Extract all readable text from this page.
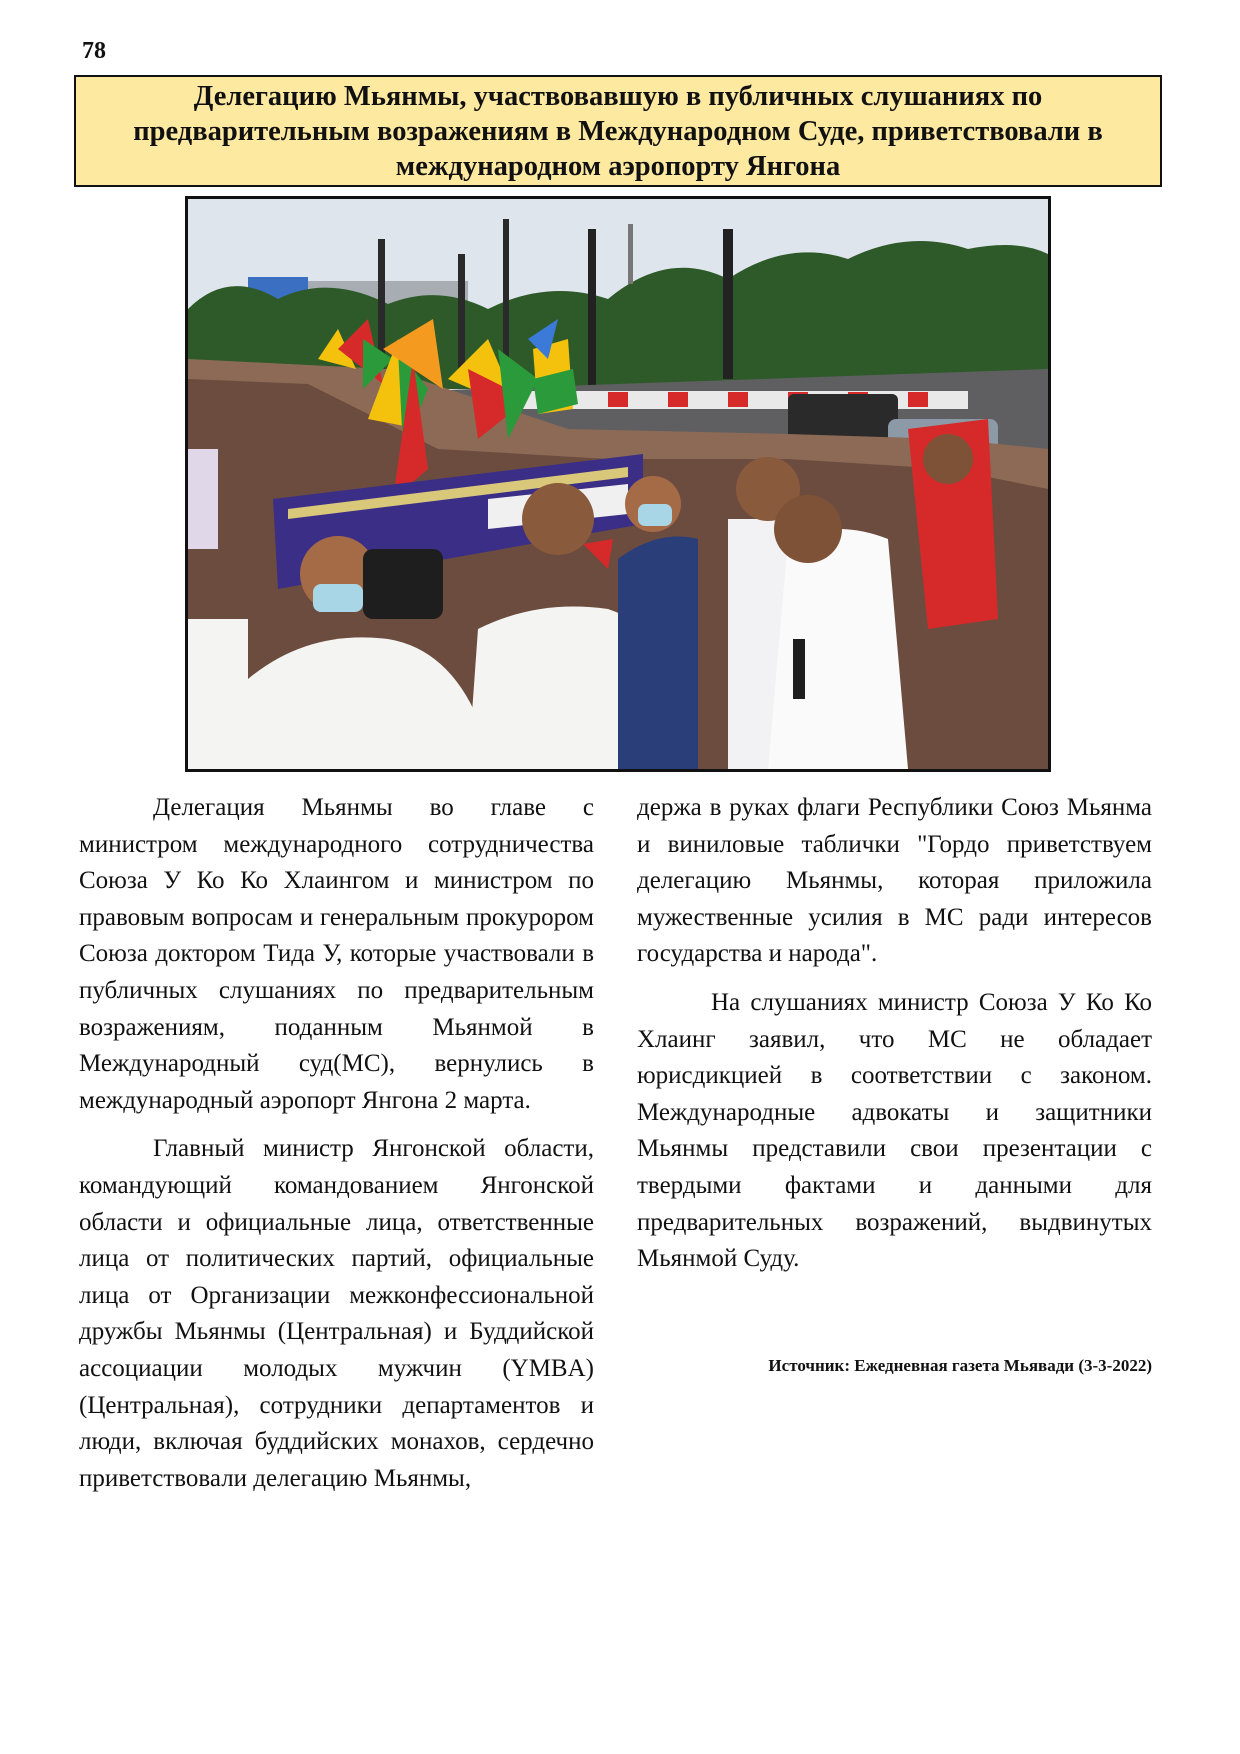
78
Делегацию Мьянмы, участвовавшую в публичных слушаниях по предварительным возражениям в Международном Суде, приветствовали в международном аэропорту Янгона

Делегация Мьянмы во главе с министром международного сотрудничества Союза У Ко Ко Хлаингом и министром по правовым вопросам и генеральным прокурором Союза доктором Тида У, которые участвовали в публичных слушаниях по предварительным возражениям, поданным Мьянмой в Международный суд(МС), вернулись в международный аэропорт Янгона 2 марта.

Главный министр Янгонской области, командующий командованием Янгонской области и официальные лица, ответственные лица от политических партий, официальные лица от Организации межконфессиональной дружбы Мьянмы (Центральная) и Буддийской ассоциации молодых мужчин (YMBA) (Центральная), сотрудники департаментов и люди, включая буддийских монахов, сердечно приветствовали делегацию Мьянмы,

держа в руках флаги Республики Союз Мьянма и виниловые таблички "Гордо приветствуем делегацию Мьянмы, которая приложила мужественные усилия в МС ради интересов государства и народа".

На слушаниях министр Союза У Ко Ко Хлаинг заявил, что МС не обладает юрисдикцией в соответствии с законом. Международные адвокаты и защитники Мьянмы представили свои презентации с твердыми фактами и данными для предварительных возражений, выдвинутых Мьянмой Суду.

Источник: Ежедневная газета Мьявади (3-3-2022)
